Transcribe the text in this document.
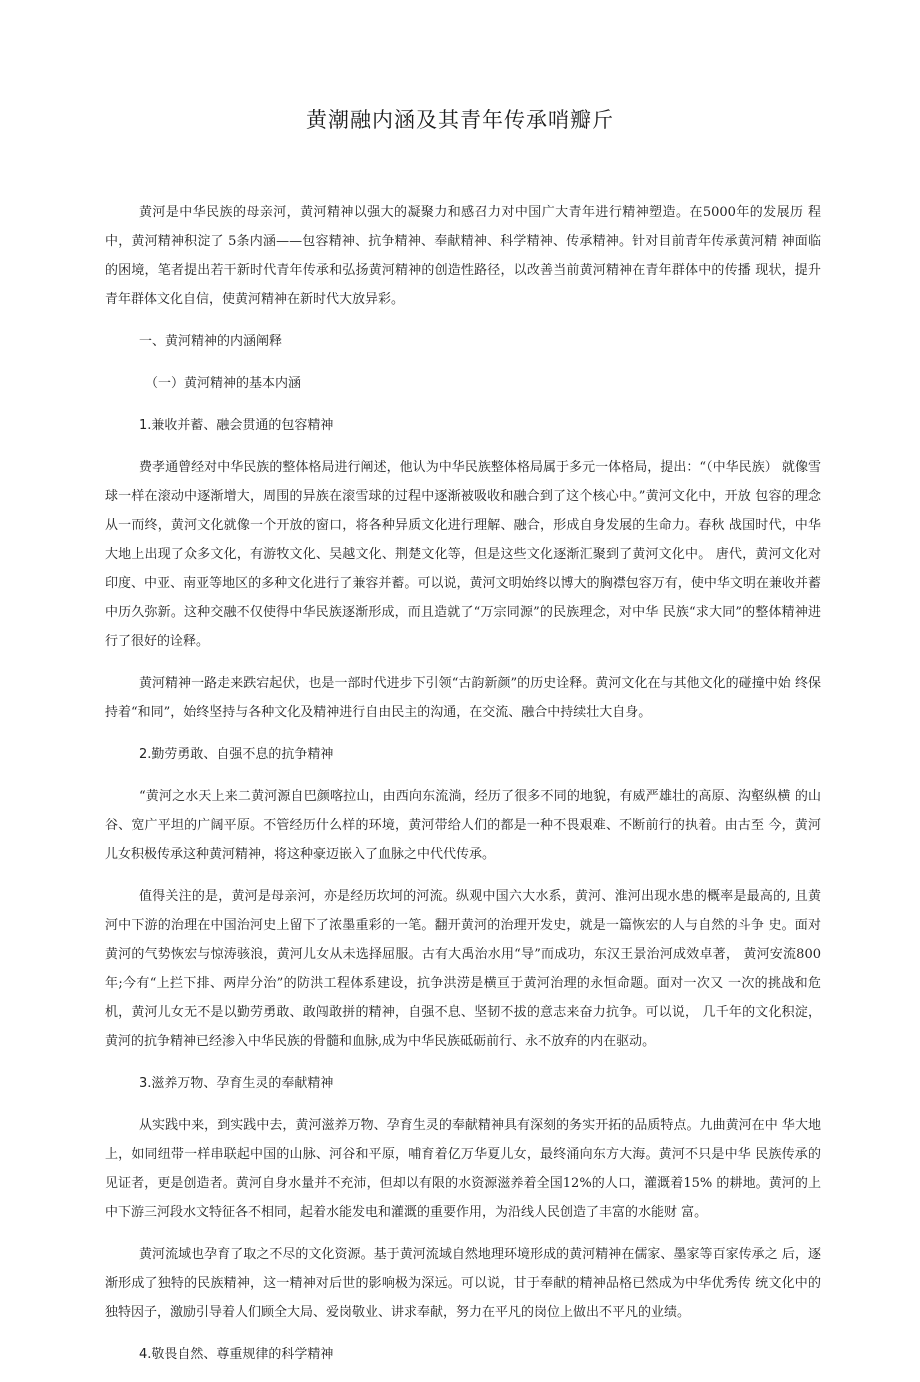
黄潮融内涵及其青年传承哨瓣斤

黄河是中华民族的母亲河，黄河精神以强大的凝聚力和感召力对中国广大青年进行精神塑造。在5000年的发展历 程中，黄河精神积淀了 5条内涵——包容精神、抗争精神、奉献精神、科学精神、传承精神。针对目前青年传承黄河精 神面临的困境，笔者提出若干新时代青年传承和弘扬黄河精神的创造性路径，以改善当前黄河精神在青年群体中的传播 现状，提升青年群体文化自信，使黄河精神在新时代大放异彩。

一、黄河精神的内涵阐释

（一）黄河精神的基本内涵

1.兼收并蓄、融会贯通的包容精神

费孝通曾经对中华民族的整体格局进行阐述，他认为中华民族整体格局属于多元一体格局，提出：“（中华民族） 就像雪球一样在滚动中逐渐增大，周围的异族在滚雪球的过程中逐渐被吸收和融合到了这个核心中。”黄河文化中，开放 包容的理念从一而终，黄河文化就像一个开放的窗口，将各种异质文化进行理解、融合，形成自身发展的生命力。春秋 战国时代，中华大地上出现了众多文化，有游牧文化、吴越文化、荆楚文化等，但是这些文化逐渐汇聚到了黄河文化中。 唐代，黄河文化对印度、中亚、南亚等地区的多种文化进行了兼容并蓄。可以说，黄河文明始终以博大的胸襟包容万有，使中华文明在兼收并蓄中历久弥新。这种交融不仅使得中华民族逐渐形成，而且造就了“万宗同源”的民族理念，对中华 民族“求大同”的整体精神进行了很好的诠释。

黄河精神一路走来跌宕起伏，也是一部时代进步下引领“古韵新颜”的历史诠释。黄河文化在与其他文化的碰撞中始 终保持着“和同”，始终坚持与各种文化及精神进行自由民主的沟通，在交流、融合中持续壮大自身。

2.勤劳勇敢、自强不息的抗争精神

“黄河之水天上来二黄河源自巴颜喀拉山，由西向东流淌，经历了很多不同的地貌，有威严雄壮的高原、沟壑纵横 的山谷、宽广平坦的广阔平原。不管经历什么样的环境，黄河带给人们的都是一种不畏艰难、不断前行的执着。由古至 今，黄河儿女积极传承这种黄河精神，将这种豪迈嵌入了血脉之中代代传承。

值得关注的是，黄河是母亲河，亦是经历坎坷的河流。纵观中国六大水系，黄河、淮河出现水患的概率是最高的, 且黄河中下游的治理在中国治河史上留下了浓墨重彩的一笔。翻开黄河的治理开发史，就是一篇恢宏的人与自然的斗争 史。面对黄河的气势恢宏与惊涛骇浪，黄河儿女从未选择屈服。古有大禹治水用“导”而成功，东汉王景治河成效卓著， 黄河安流800年;今有“上拦下排、两岸分治”的防洪工程体系建设，抗争洪涝是横亘于黄河治理的永恒命题。面对一次又 一次的挑战和危机，黄河儿女无不是以勤劳勇敢、敢闯敢拼的精神，自强不息、坚韧不拔的意志来奋力抗争。可以说， 几千年的文化积淀，黄河的抗争精神已经渗入中华民族的骨髓和血脉,成为中华民族砥砺前行、永不放弃的内在驱动。

3.滋养万物、孕育生灵的奉献精神

从实践中来，到实践中去，黄河滋养万物、孕育生灵的奉献精神具有深刻的务实开拓的品质特点。九曲黄河在中 华大地上，如同纽带一样串联起中国的山脉、河谷和平原，哺育着亿万华夏儿女，最终涌向东方大海。黄河不只是中华 民族传承的见证者，更是创造者。黄河自身水量并不充沛，但却以有限的水资源滋养着全国12%的人口，灌溉着15% 的耕地。黄河的上中下游三河段水文特征各不相同，起着水能发电和灌溉的重要作用，为沿线人民创造了丰富的水能财 富。

黄河流域也孕育了取之不尽的文化资源。基于黄河流域自然地理环境形成的黄河精神在儒家、墨家等百家传承之 后，逐渐形成了独特的民族精神，这一精神对后世的影响极为深远。可以说，甘于奉献的精神品格已然成为中华优秀传 统文化中的独特因子，激励引导着人们顾全大局、爱岗敬业、讲求奉献，努力在平凡的岗位上做出不平凡的业绩。

4.敬畏自然、尊重规律的科学精神
